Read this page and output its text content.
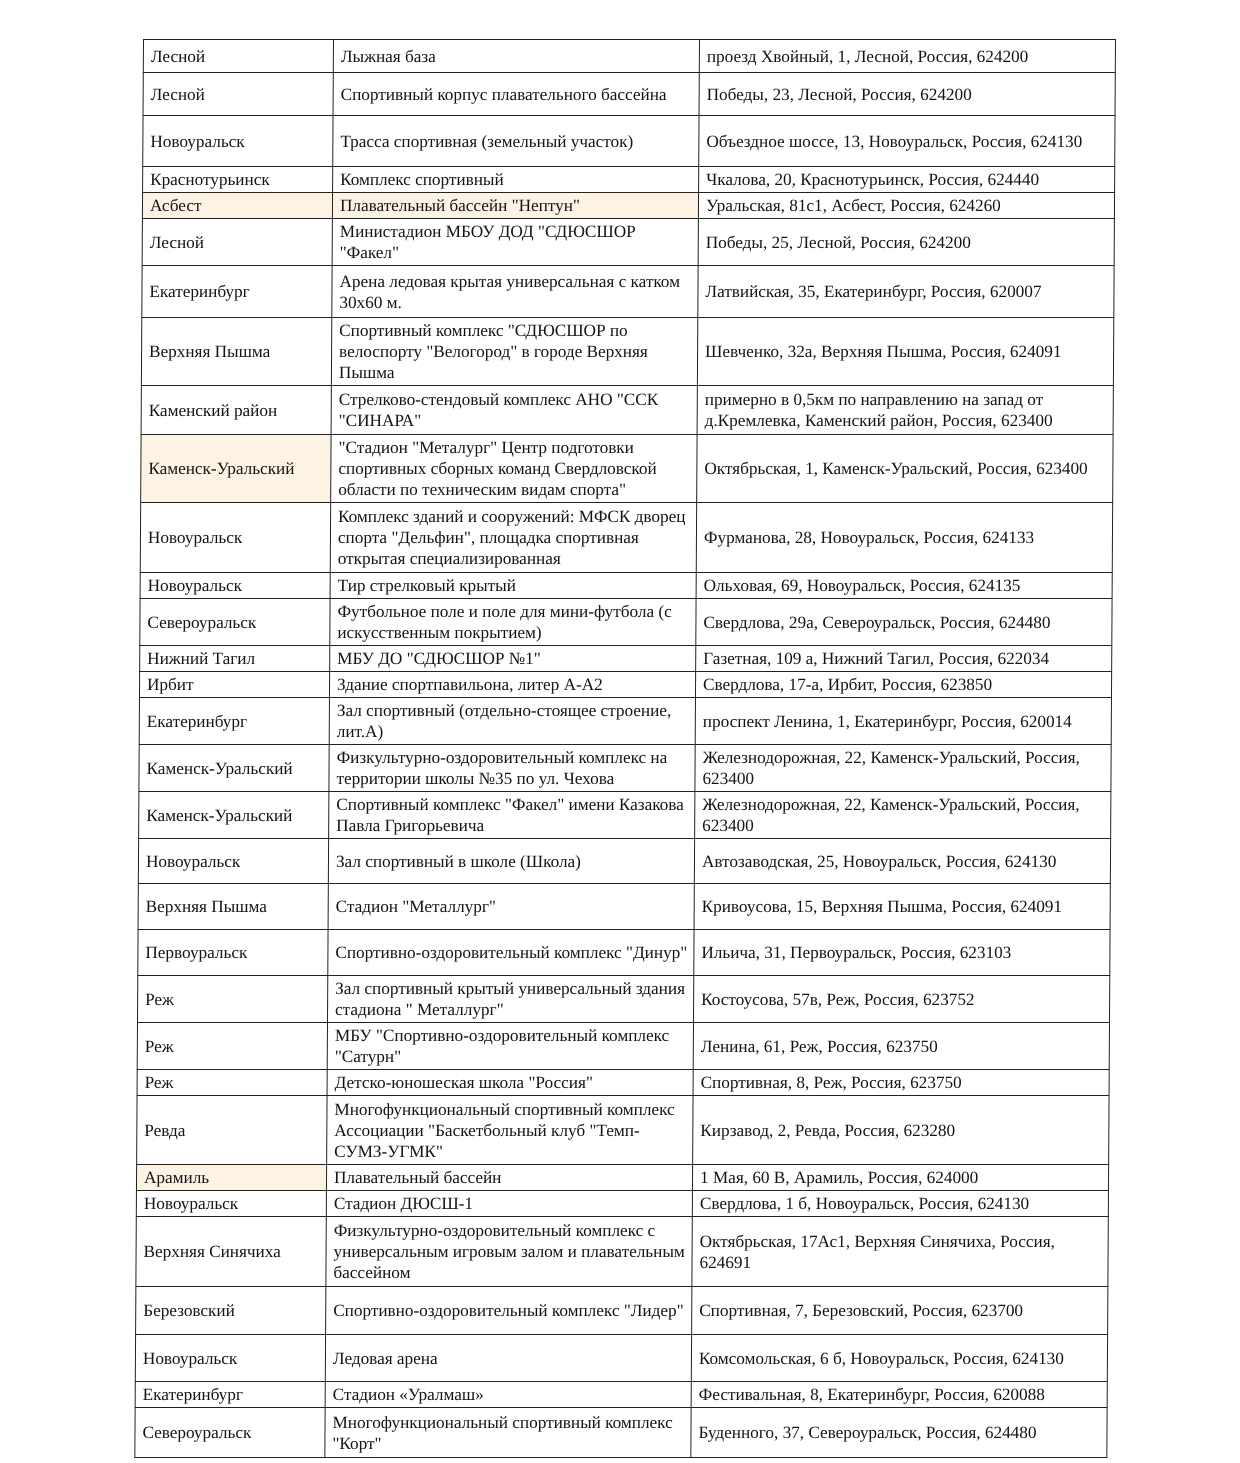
Лесной	Лыжная база	проезд Хвойный, 1, Лесной, Россия, 624200
Лесной	Спортивный корпус плавательного бассейна	Победы, 23, Лесной, Россия, 624200
Новоуральск	Трасса спортивная (земельный участок)	Объездное шоссе, 13, Новоуральск, Россия, 624130
Краснотурьинск	Комплекс спортивный	Чкалова, 20, Краснотурьинск, Россия, 624440
Асбест	Плавательный бассейн "Нептун"	Уральская, 81с1, Асбест, Россия, 624260
Лесной	Министадион МБОУ ДОД "СДЮСШОР "Факел"	Победы, 25, Лесной, Россия, 624200
Екатеринбург	Арена ледовая крытая универсальная с катком 30х60 м.	Латвийская, 35, Екатеринбург, Россия, 620007
Верхняя Пышма	Спортивный комплекс "СДЮСШОР по велоспорту "Велогород" в городе Верхняя Пышма	Шевченко, 32а, Верхняя Пышма, Россия, 624091
Каменский район	Стрелково-стендовый комплекс АНО "ССК "СИНАРА"	примерно в 0,5км по направлению на запад от д.Кремлевка, Каменский район, Россия, 623400
Каменск-Уральский	"Стадион "Металург" Центр подготовки спортивных сборных команд Свердловской области по техническим видам спорта"	Октябрьская, 1, Каменск-Уральский, Россия, 623400
Новоуральск	Комплекс зданий и сооружений: МФСК дворец спорта "Дельфин", площадка спортивная открытая специализированная	Фурманова, 28, Новоуральск, Россия, 624133
Новоуральск	Тир стрелковый крытый	Ольховая, 69, Новоуральск, Россия, 624135
Североуральск	Футбольное поле и поле для мини-футбола (с искусственным покрытием)	Свердлова, 29а, Североуральск, Россия, 624480
Нижний Тагил	МБУ ДО "СДЮСШОР №1"	Газетная, 109 а, Нижний Тагил, Россия, 622034
Ирбит	Здание спортпавильона, литер А-А2	Свердлова, 17-а, Ирбит, Россия, 623850
Екатеринбург	Зал спортивный (отдельно-стоящее строение, лит.А)	проспект Ленина, 1, Екатеринбург, Россия, 620014
Каменск-Уральский	Физкультурно-оздоровительный комплекс на территории школы №35 по ул. Чехова	Железнодорожная, 22, Каменск-Уральский, Россия, 623400
Каменск-Уральский	Спортивный комплекс "Факел" имени Казакова Павла Григорьевича	Железнодорожная, 22, Каменск-Уральский, Россия, 623400
Новоуральск	Зал спортивный в школе (Школа)	Автозаводская, 25, Новоуральск, Россия, 624130
Верхняя Пышма	Стадион "Металлург"	Кривоусова, 15, Верхняя Пышма, Россия, 624091
Первоуральск	Спортивно-оздоровительный комплекс "Динур"	Ильича, 31, Первоуральск, Россия, 623103
Реж	Зал спортивный крытый универсальный здания стадиона " Металлург"	Костоусова, 57в, Реж, Россия, 623752
Реж	МБУ "Спортивно-оздоровительный комплекс "Сатурн"	Ленина, 61, Реж, Россия, 623750
Реж	Детско-юношеская школа "Россия"	Спортивная, 8, Реж, Россия, 623750
Ревда	Многофункциональный спортивный комплекс Ассоциации "Баскетбольный клуб "Темп-СУМЗ-УГМК"	Кирзавод, 2, Ревда, Россия, 623280
Арамиль	Плавательный бассейн	1 Мая, 60 В, Арамиль, Россия, 624000
Новоуральск	Стадион ДЮСШ-1	Свердлова, 1 б, Новоуральск, Россия, 624130
Верхняя Синячиха	Физкультурно-оздоровительный комплекс с универсальным игровым залом и плавательным бассейном	Октябрьская, 17Ас1, Верхняя Синячиха, Россия, 624691
Березовский	Спортивно-оздоровительный комплекс "Лидер"	Спортивная, 7, Березовский, Россия, 623700
Новоуральск	Ледовая арена	Комсомольская, 6 б, Новоуральск, Россия, 624130
Екатеринбург	Стадион «Уралмаш»	Фестивальная, 8, Екатеринбург, Россия, 620088
Североуральск	Многофункциональный спортивный комплекс "Корт"	Буденного, 37, Североуральск, Россия, 624480
